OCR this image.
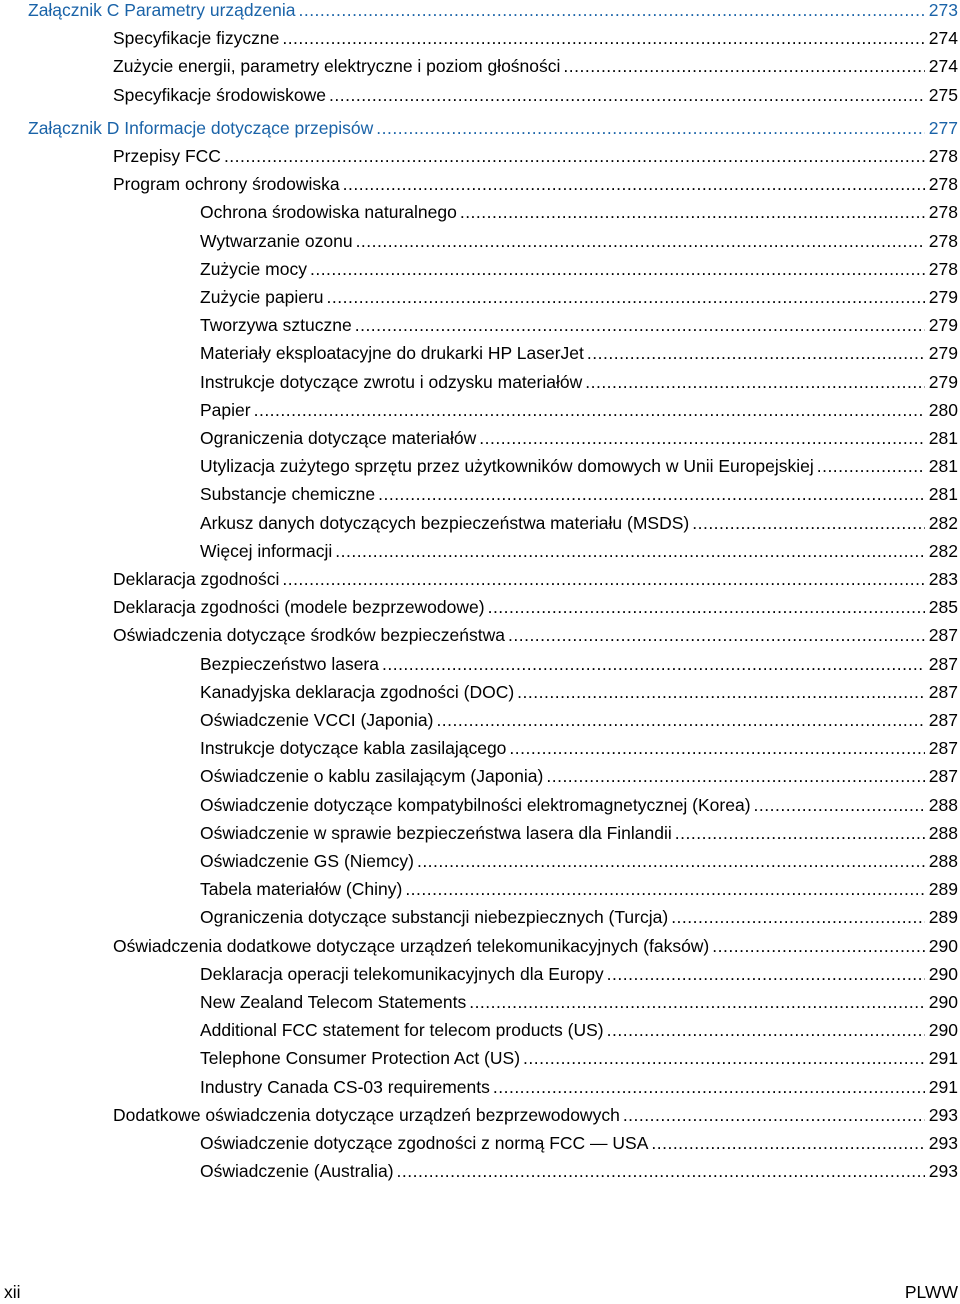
Załącznik C Parametry urządzenia .....	273
Specyfikacje fizyczne .....	274
Zużycie energii, parametry elektryczne i poziom głośności .....	274
Specyfikacje środowiskowe .....	275
Załącznik D Informacje dotyczące przepisów .....	277
Przepisy FCC .....	278
Program ochrony środowiska .....	278
Ochrona środowiska naturalnego .....	278
Wytwarzanie ozonu .....	278
Zużycie mocy .....	278
Zużycie papieru .....	279
Tworzywa sztuczne .....	279
Materiały eksploatacyjne do drukarki HP LaserJet .....	279
Instrukcje dotyczące zwrotu i odzysku materiałów .....	279
Papier .....	280
Ograniczenia dotyczące materiałów .....	281
Utylizacja zużytego sprzętu przez użytkowników domowych w Unii Europejskiej .....	281
Substancje chemiczne .....	281
Arkusz danych dotyczących bezpieczeństwa materiału (MSDS) .....	282
Więcej informacji .....	282
Deklaracja zgodności .....	283
Deklaracja zgodności (modele bezprzewodowe) .....	285
Oświadczenia dotyczące środków bezpieczeństwa .....	287
Bezpieczeństwo lasera .....	287
Kanadyjska deklaracja zgodności (DOC) .....	287
Oświadczenie VCCI (Japonia) .....	287
Instrukcje dotyczące kabla zasilającego .....	287
Oświadczenie o kablu zasilającym (Japonia) .....	287
Oświadczenie dotyczące kompatybilności elektromagnetycznej (Korea) .....	288
Oświadczenie w sprawie bezpieczeństwa lasera dla Finlandii .....	288
Oświadczenie GS (Niemcy) .....	288
Tabela materiałów (Chiny) .....	289
Ograniczenia dotyczące substancji niebezpiecznych (Turcja) .....	289
Oświadczenia dodatkowe dotyczące urządzeń telekomunikacyjnych (faksów) .....	290
Deklaracja operacji telekomunikacyjnych dla Europy .....	290
New Zealand Telecom Statements .....	290
Additional FCC statement for telecom products (US) .....	290
Telephone Consumer Protection Act (US) .....	291
Industry Canada CS-03 requirements .....	291
Dodatkowe oświadczenia dotyczące urządzeń bezprzewodowych .....	293
Oświadczenie dotyczące zgodności z normą FCC — USA .....	293
Oświadczenie (Australia) .....	293
xii	PLWW
